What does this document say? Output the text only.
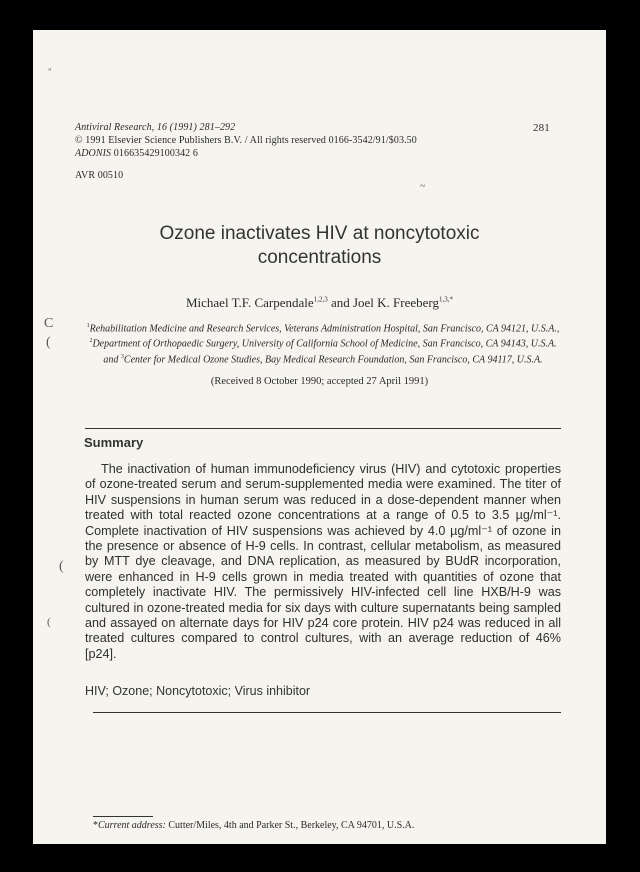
"
Antiviral Research, 16 (1991) 281–292	281
© 1991 Elsevier Science Publishers B.V. / All rights reserved 0166-3542/91/$03.50
ADONIS 016635429100342 6
AVR 00510
~
Ozone inactivates HIV at noncytotoxic
concentrations
Michael T.F. Carpendale$^{1,2,3}$ and Joel K. Freeberg$^{1,3,*}$
C
(
$^1$Rehabilitation Medicine and Research Services, Veterans Administration Hospital, San Francisco, CA 94121, U.S.A., $^2$Department of Orthopaedic Surgery, University of California School of Medicine, San Francisco, CA 94143, U.S.A. and $^3$Center for Medical Ozone Studies, Bay Medical Research Foundation, San Francisco, CA 94117, U.S.A.
(Received 8 October 1990; accepted 27 April 1991)
Summary
The inactivation of human immunodeficiency virus (HIV) and cytotoxic properties of ozone-treated serum and serum-supplemented media were examined. The titer of HIV suspensions in human serum was reduced in a dose-dependent manner when treated with total reacted ozone concentrations at a range of 0.5 to 3.5 µg/ml⁻¹. Complete inactivation of HIV suspensions was achieved by 4.0 µg/ml⁻¹ of ozone in the presence or absence of H-9 cells. In contrast, cellular metabolism, as measured by MTT dye cleavage, and DNA replication, as measured by BUdR incorporation, were enhanced in H-9 cells grown in media treated with quantities of ozone that completely inactivate HIV. The permissively HIV-infected cell line HXB/H-9 was cultured in ozone-treated media for six days with culture supernatants being sampled and assayed on alternate days for HIV p24 core protein. HIV p24 was reduced in all treated cultures compared to control cultures, with an average reduction of 46% [p24].
(
(
HIV; Ozone; Noncytotoxic; Virus inhibitor
*Current address: Cutter/Miles, 4th and Parker St., Berkeley, CA 94701, U.S.A.
